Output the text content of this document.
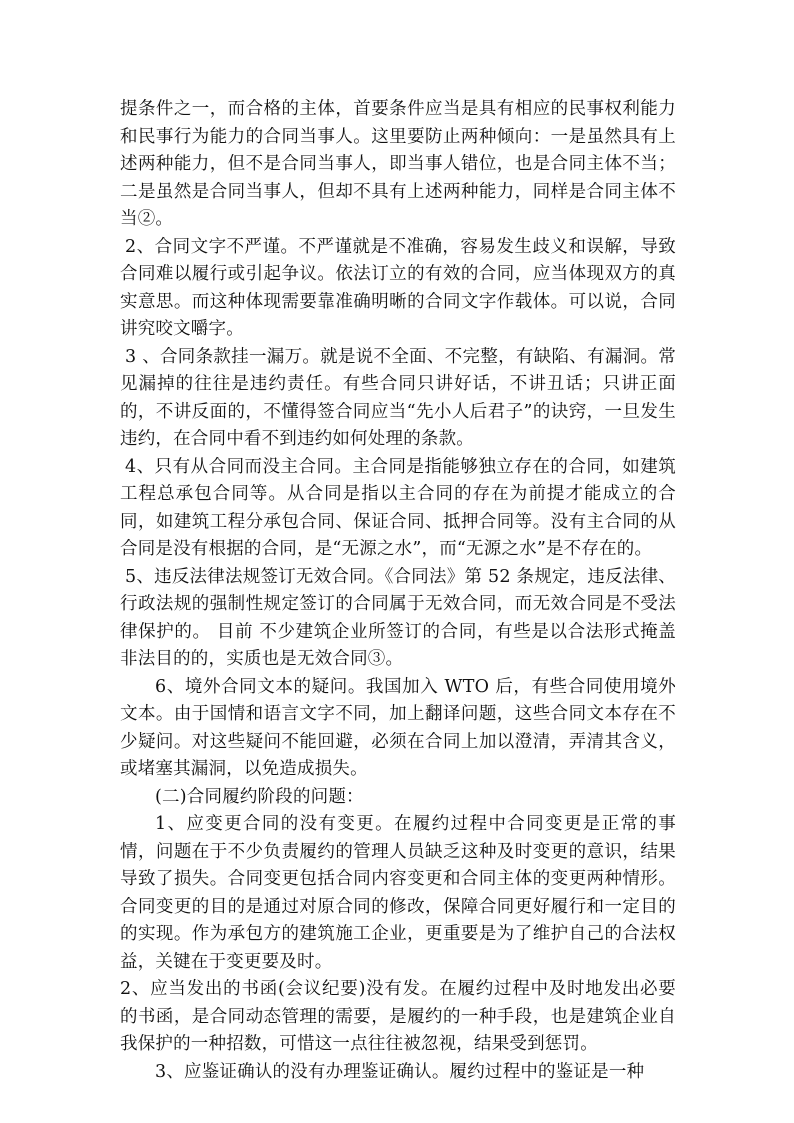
提条件之一，而合格的主体，首要条件应当是具有相应的民事权利能力和民事行为能力的合同当事人。这里要防止两种倾向：一是虽然具有上述两种能力，但不是合同当事人，即当事人错位，也是合同主体不当；二是虽然是合同当事人，但却不具有上述两种能力，同样是合同主体不当②。

2、合同文字不严谨。不严谨就是不准确，容易发生歧义和误解，导致合同难以履行或引起争议。依法订立的有效的合同，应当体现双方的真实意思。而这种体现需要靠准确明晰的合同文字作载体。可以说，合同讲究咬文嚼字。

3 、合同条款挂一漏万。就是说不全面、不完整，有缺陷、有漏洞。常见漏掉的往往是违约责任。有些合同只讲好话，不讲丑话；只讲正面的，不讲反面的，不懂得签合同应当“先小人后君子”的诀窍，一旦发生违约，在合同中看不到违约如何处理的条款。

4、只有从合同而没主合同。主合同是指能够独立存在的合同，如建筑工程总承包合同等。从合同是指以主合同的存在为前提才能成立的合同，如建筑工程分承包合同、保证合同、抵押合同等。没有主合同的从合同是没有根据的合同，是“无源之水”，而“无源之水”是不存在的。

5、违反法律法规签订无效合同。《合同法》第 52 条规定，违反法律、行政法规的强制性规定签订的合同属于无效合同，而无效合同是不受法律保护的。 目前 不少建筑企业所签订的合同，有些是以合法形式掩盖非法目的的，实质也是无效合同③。

6、境外合同文本的疑问。我国加入 WTO 后，有些合同使用境外文本。由于国情和语言文字不同，加上翻译问题，这些合同文本存在不少疑问。对这些疑问不能回避，必须在合同上加以澄清，弄清其含义，或堵塞其漏洞，以免造成损失。

(二)合同履约阶段的问题：

1、应变更合同的没有变更。在履约过程中合同变更是正常的事情，问题在于不少负责履约的管理人员缺乏这种及时变更的意识，结果导致了损失。合同变更包括合同内容变更和合同主体的变更两种情形。合同变更的目的是通过对原合同的修改，保障合同更好履行和一定目的的实现。作为承包方的建筑施工企业，更重要是为了维护自己的合法权益，关键在于变更要及时。

2、应当发出的书函(会议纪要)没有发。在履约过程中及时地发出必要的书函，是合同动态管理的需要，是履约的一种手段，也是建筑企业自我保护的一种招数，可惜这一点往往被忽视，结果受到惩罚。

3、应鉴证确认的没有办理鉴证确认。履约过程中的鉴证是一种
